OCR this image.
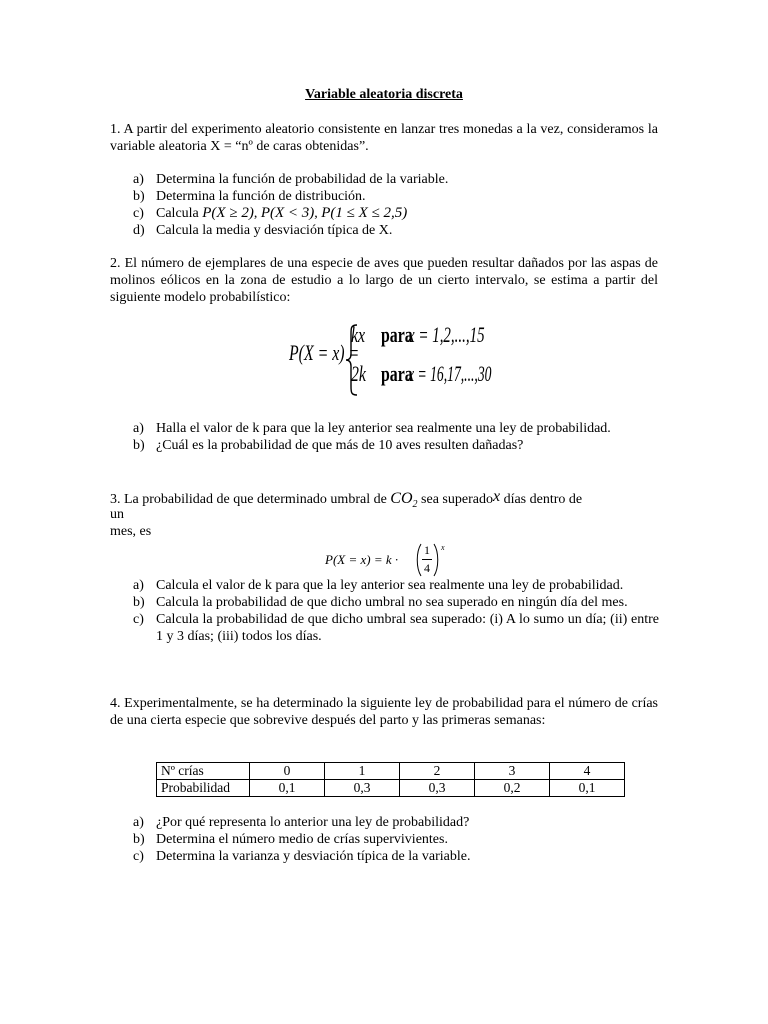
Variable aleatoria discreta
1. A partir del experimento aleatorio consistente en lanzar tres monedas a la vez, consideramos la variable aleatoria X = “nº de caras obtenidas”.
a) Determina la función de probabilidad de la variable.
b) Determina la función de distribución.
c) Calcula P(X ≥ 2), P(X < 3), P(1 ≤ X ≤ 2,5)
d) Calcula la media y desviación típica de X.
2. El número de ejemplares de una especie de aves que pueden resultar dañados por las aspas de molinos eólicos en la zona de estudio a lo largo de un cierto intervalo, se estima a partir del siguiente modelo probabilístico:
P(X = x) =
kx para
x = 1,2,...,15
2k para
x = 16,17,...,30
a) Halla el valor de k para que la ley anterior sea realmente una ley de probabilidad.
b) ¿Cuál es la probabilidad de que más de 10 aves resulten dañadas?
3. La probabilidad de que determinado umbral de $CO_2$ sea superadox días dentro de
un
mes, es
P(X = x) = k ·
1
4
x
a) Calcula el valor de k para que la ley anterior sea realmente una ley de probabilidad.
b) Calcula la probabilidad de que dicho umbral no sea superado en ningún día del mes.
c) Calcula la probabilidad de que dicho umbral sea superado: (i) A lo sumo un día; (ii) entre 1 y 3 días; (iii) todos los días.
4. Experimentalmente, se ha determinado la siguiente ley de probabilidad para el número de crías de una cierta especie que sobrevive después del parto y las primeras semanas:
Nº crías	0	1	2	3	4
Probabilidad	0,1	0,3	0,3	0,2	0,1
a) ¿Por qué representa lo anterior una ley de probabilidad?
b) Determina el número medio de crías supervivientes.
c) Determina la varianza y desviación típica de la variable.
